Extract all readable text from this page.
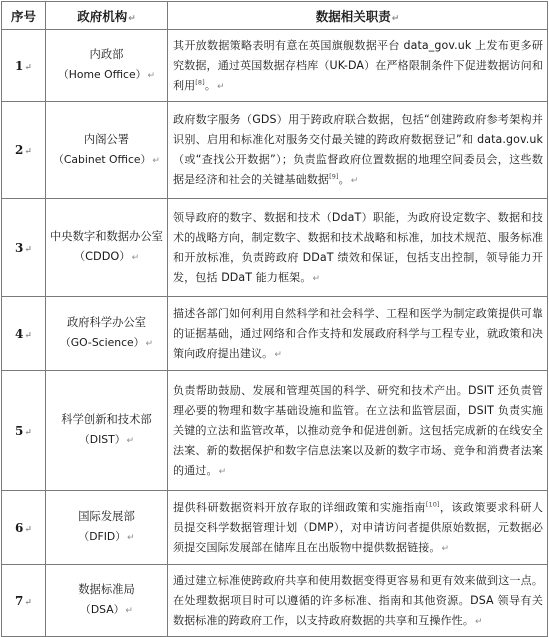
序号	政府机构↵	数据相关职责↵
1↵	内政部
（Home Office）↵	其开放数据策略表明有意在英国旗舰数据平台 data_gov.uk 上发布更多研究数据，通过英国数据存档库（UK-DA）在严格限制条件下促进数据访问和利用[8]。↵
2↵	内阁公署
（Cabinet Office）↵	政府数字服务（GDS）用于跨政府联合数据，包括“创建跨政府参考架构并识别、启用和标准化对服务交付最关键的跨政府数据登记”和 data.gov.uk（或“查找公开数据”）；负责监督政府位置数据的地理空间委员会，这些数据是经济和社会的关键基础数据[9]。↵
3↵	中央数字和数据办公室（CDDO）↵	领导政府的数字、数据和技术（DdaT）职能，为政府设定数字、数据和技术的战略方向，制定数字、数据和技术战略和标准，加技术规范、服务标准和开放标准，负责跨政府 DDaT 绩效和保证，包括支出控制，领导能力开发，包括 DDaT 能力框架。↵
4↵	政府科学办公室
（GO-Science）↵	描述各部门如何利用自然科学和社会科学、工程和医学为制定政策提供可靠的证据基础，通过网络和合作支持和发展政府科学与工程专业，就政策和决策向政府提出建议。↵
5↵	科学创新和技术部
（DIST）↵	负责帮助鼓励、发展和管理英国的科学、研究和技术产出。DSIT 还负责管理必要的物理和数字基础设施和监管。在立法和监管层面，DSIT 负责实施关键的立法和监管改革，以推动竞争和促进创新。这包括完成新的在线安全法案、新的数据保护和数字信息法案以及新的数字市场、竞争和消费者法案的通过。↵
6↵	国际发展部
（DFID）↵	提供科研数据资料开放存取的详细政策和实施指南[10]，该政策要求科研人员提交科学数据管理计划（DMP），对申请访问者提供原始数据，元数据必须提交国际发展部在储库且在出版物中提供数据链接。↵
7↵	数据标准局
（DSA）↵	通过建立标准使跨政府共享和使用数据变得更容易和更有效来做到这一点。在处理数据项目时可以遵循的许多标准、指南和其他资源。DSA 领导有关数据标准的跨政府工作，以支持政府数据的共享和互操作性。↵
